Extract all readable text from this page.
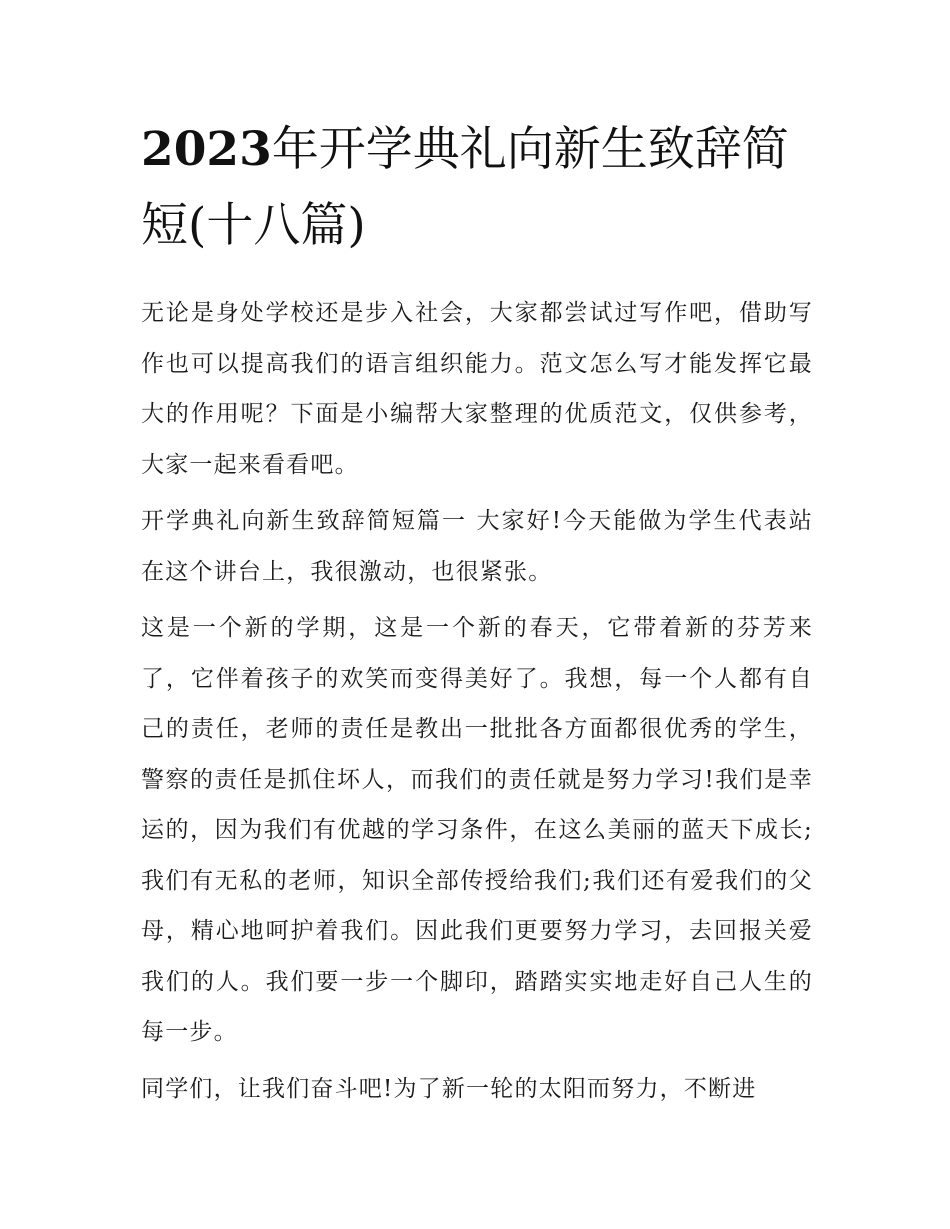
2023年开学典礼向新生致辞简短(十八篇)

无论是身处学校还是步入社会，大家都尝试过写作吧，借助写作也可以提高我们的语言组织能力。范文怎么写才能发挥它最大的作用呢？下面是小编帮大家整理的优质范文，仅供参考，大家一起来看看吧。

开学典礼向新生致辞简短篇一 大家好!今天能做为学生代表站在这个讲台上，我很激动，也很紧张。

这是一个新的学期，这是一个新的春天，它带着新的芬芳来了，它伴着孩子的欢笑而变得美好了。我想，每一个人都有自己的责任，老师的责任是教出一批批各方面都很优秀的学生，警察的责任是抓住坏人，而我们的责任就是努力学习!我们是幸运的，因为我们有优越的学习条件，在这么美丽的蓝天下成长;我们有无私的老师，知识全部传授给我们;我们还有爱我们的父母，精心地呵护着我们。因此我们更要努力学习，去回报关爱我们的人。我们要一步一个脚印，踏踏实实地走好自己人生的每一步。

同学们，让我们奋斗吧!为了新一轮的太阳而努力，不断进
